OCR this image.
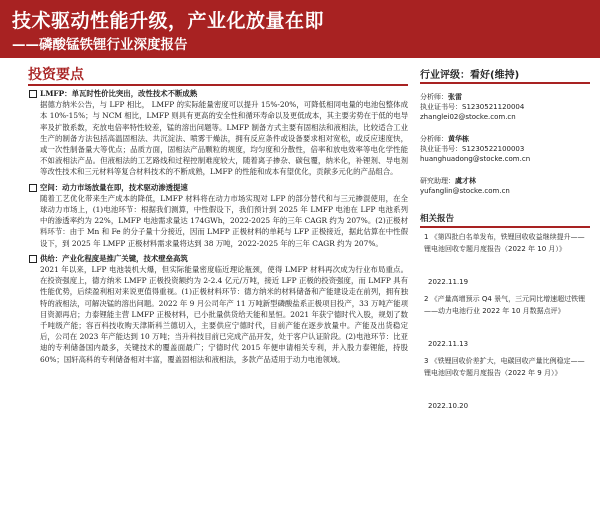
技术驱动性能升级，产业化放量在即
——磷酸锰铁锂行业深度报告
投资要点
LMFP：单瓦时性价比突出，改性技术不断成熟
据德方纳米公告，与 LFP 相比， LMFP 的实际能量密度可以提升 15%-20%，可降低相同电量的电池包整体成本 10%-15%；与 NCM 相比，LMFP 则具有更高的安全性和循环寿命以及更低成本，其主要劣势在于低的电导率及扩散系数，充放电倍率特性较差，锰的溶出问题等。LMFP 制备方式主要有固相法和液相法，比较适合工业生产的制备方法包括高温固相法、共沉淀法、喷雾干燥法，拥有反应条件或设备要求相对宽松，或反应速度快，或一次性制备量大等优点；品质方面，固相法产品颗粒的规度，均匀度和分散性，倍率和放电效率等电化学性能不如液相法产品。但液相法的工艺路线和过程控制难度较大，随着离子掺杂、碳包覆，纳米化，补锂剂、导电剂等改性技术和三元材料等复合材料技术的不断成熟，LMFP 的性能和成本有望优化，贡献多元化的产品组合。
空间：动力市场放量在即，技术驱动渗透提速
随着工艺优化带来生产成本的降低，LMFP 材料将在动力市场实现对 LFP 的部分替代和与三元掺混使用，在全球动力市场上，(1)电池环节：根据我们测算，中性假设下，我们预计到 2025 年 LMFP 电池在 LFP 电池系列中的渗透率约为 22%，LMFP 电池需求量达 174GWh，2022-2025 年的三年 CAGR 约为 207%。(2)正极材料环节：由于 Mn 和 Fe 的分子量十分接近，因而 LMFP 正极材料的单耗与 LFP 正极接近，据此估算在中性假设下，到 2025 年 LMFP 正极材料需求量将达到 38 万吨，2022-2025 年的三年 CAGR 约为 207%。
供给：产业化程度是推广关键，技术壁垒高筑
2021 年以来，LFP 电池装机大爆，但实际能量密度临近理论瓶颈，使得 LMFP 材料再次成为行业布局重点。在投资强度上，德方纳米 LMFP 正极投资额约为 2-2.4 亿元/万吨，接近 LFP 正极的投资强度，而 LMFP 具有性能优势，后续盈利相对来说更值得重视。(1)正极材料环节：德方纳米的材料储备和产能建设走在前列，拥有独特的液相法，可解决锰的溶出问题。2022 年 9 月公司年产 11 万吨新型磷酸盐系正极项目投产，33 万吨产能项目资源再启；力泰锂能主营 LMFP 正极材料，已小批量供货给天能和星恒。2021 年获宁德时代入股，规划了数千吨级产能；容百科技收购天津斯科兰德切入，主要供应宁德时代，目前产能在逐步放量中。产能及出货稳定后，公司在 2023 年产能达到 10 万吨；当升科技目前已完成产品开发，处于客户认证阶段。(2)电池环节：比亚迪的专利储备国内最多，关键技术的覆盖面最广；宁德时代 2015 年便申请相关专利，并入股力泰锂能，持股 60%；国轩高科的专利储备相对丰富，覆盖固相法和液相法，多款产品适用于动力电池领域。
行业评级：看好(维持)
分析师：张雷
执业证书号：S1230521120004
zhanglei02@stocke.com.cn
分析师：黄华栋
执业证书号：S1230522100003
huanghuadong@stocke.com.cn
研究助理：虞才林
yufanglin@stocke.com.cn
相关报告
1 《第四批白名单发布，铁锂回收收益继续提升——锂电池回收专题月度报告（2022 年 10 月）》
2022.11.19
2 《产量高增预示 Q4 景气，三元同比增速超过铁锂——动力电池行业 2022 年 10 月数据点评》
2022.11.13
3 《铁锂回收价差扩大，电碳回收产量比例稳定——锂电池回收专题月度报告（2022 年 9 月）》
2022.10.20
